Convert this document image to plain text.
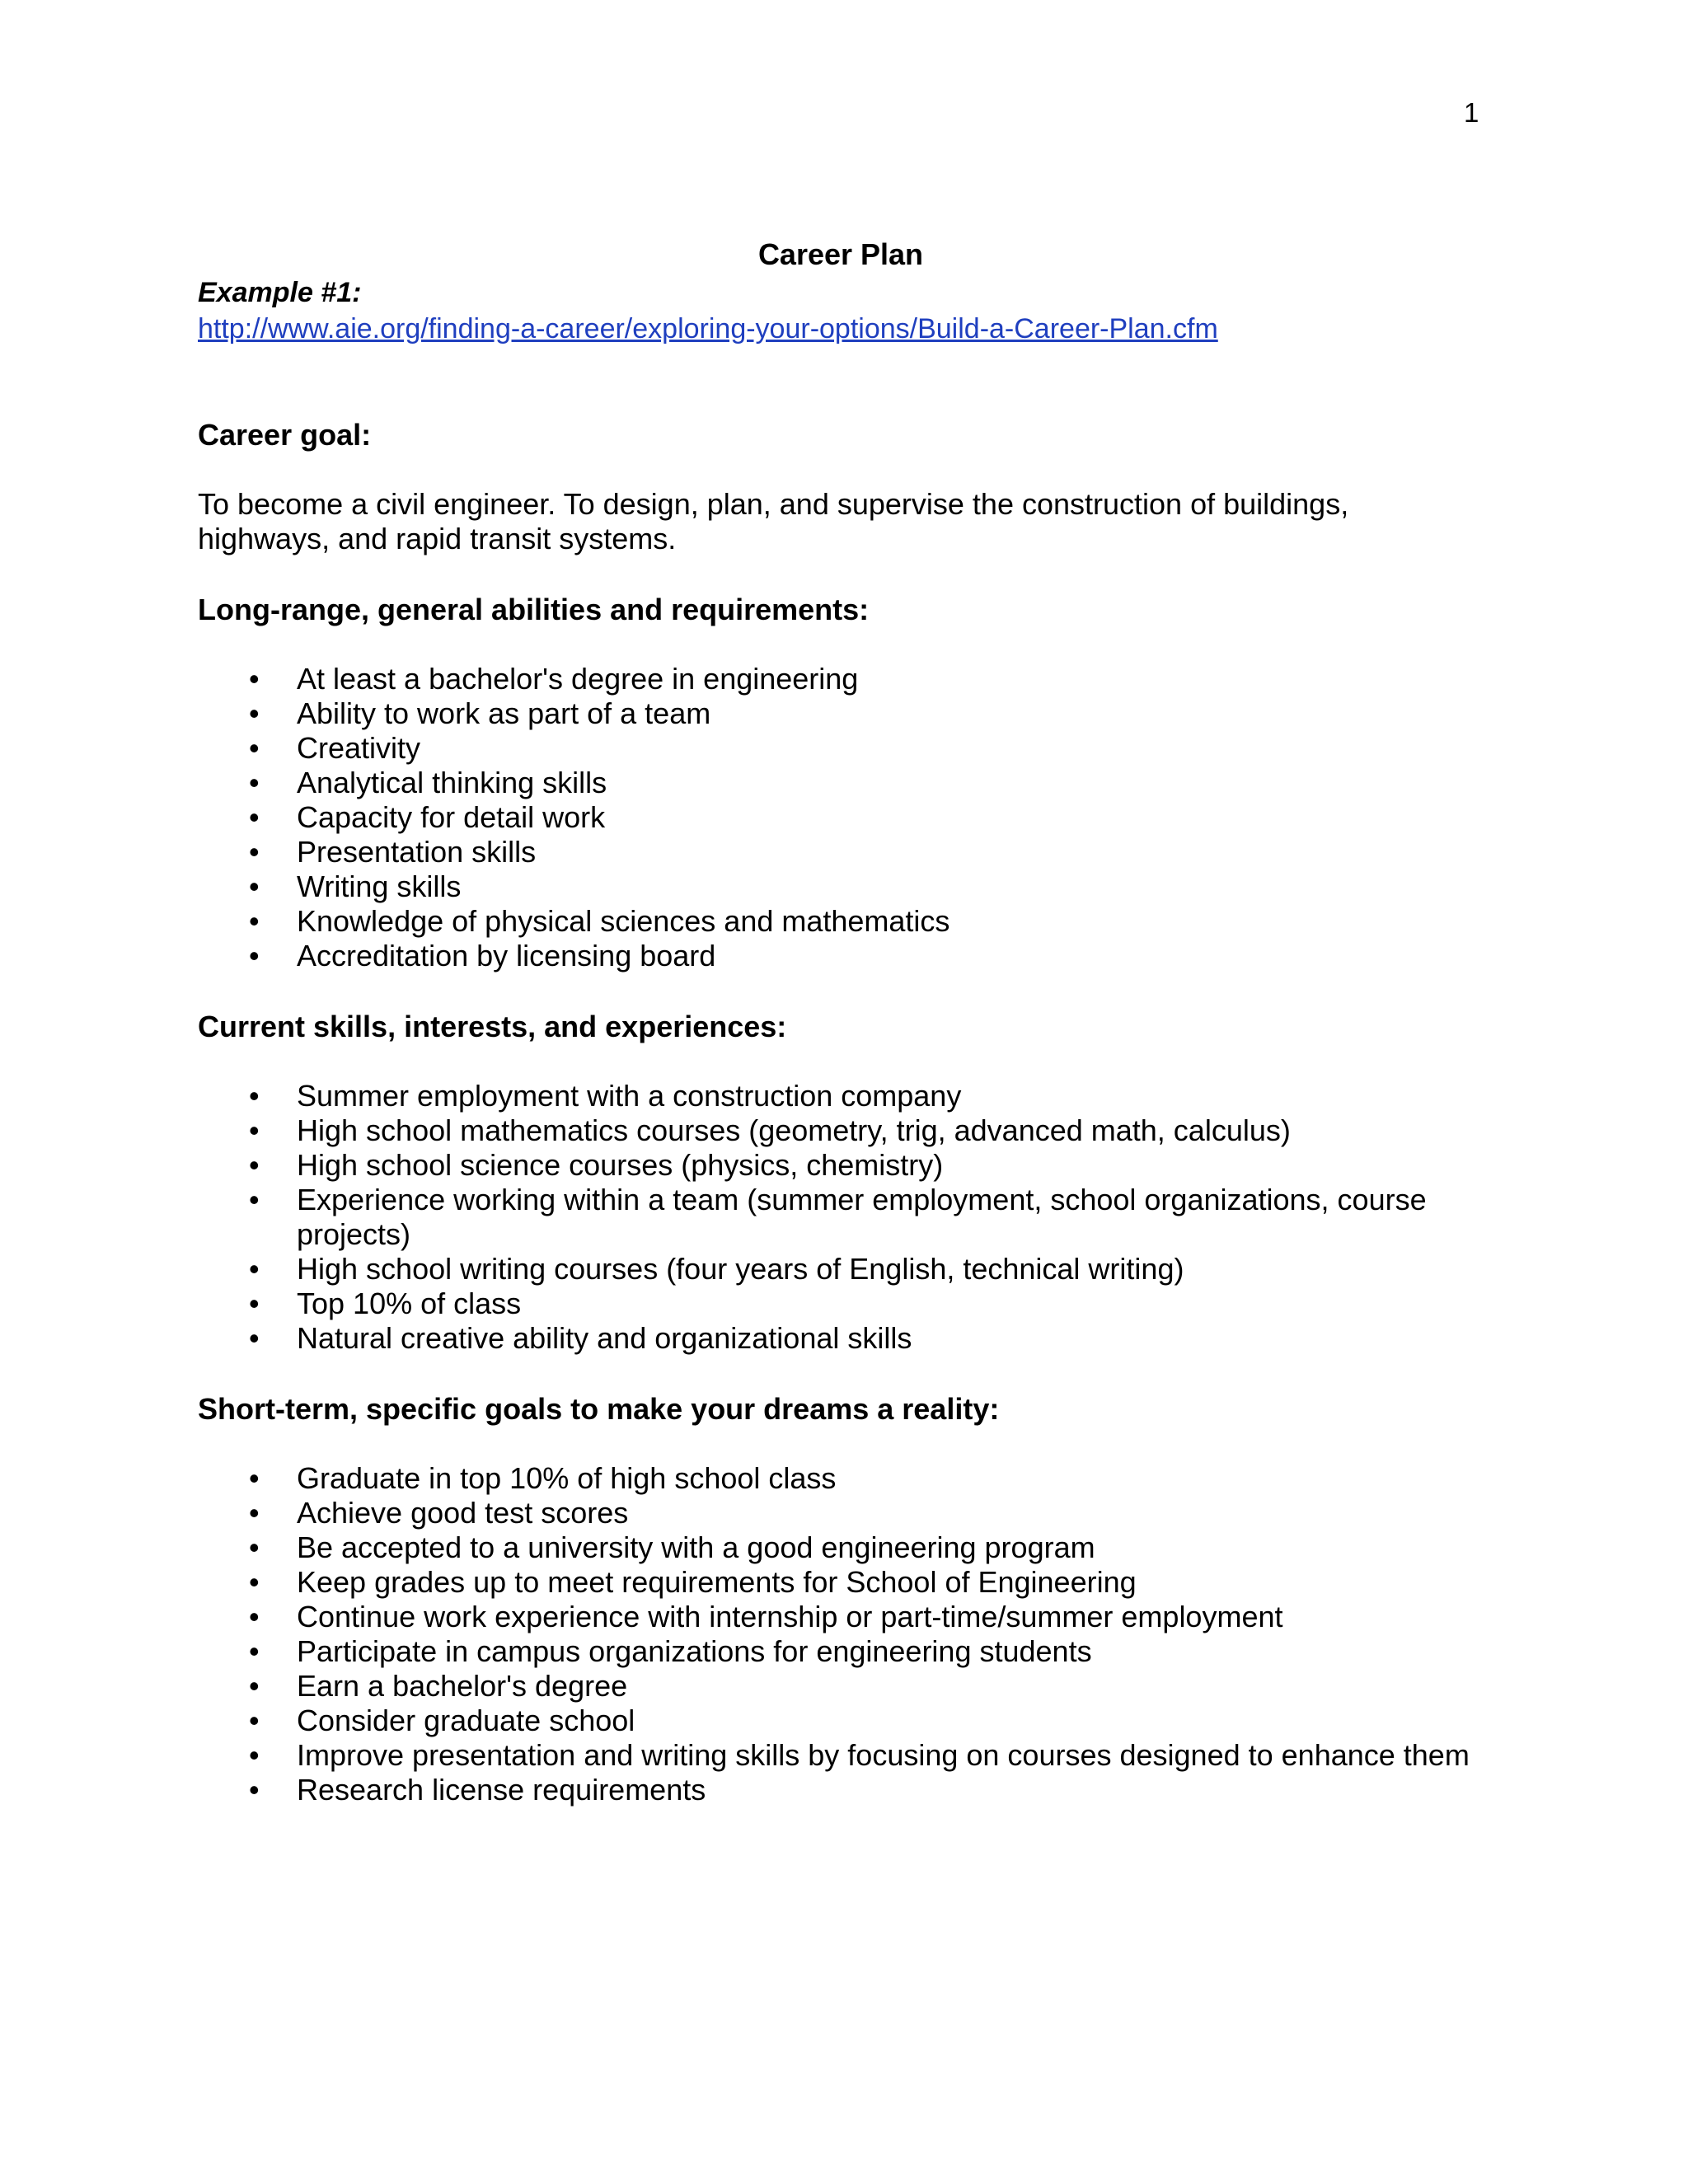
1
Career Plan

Example #1:

http://www.aie.org/finding-a-career/exploring-your-options/Build-a-Career-Plan.cfm

Career goal:

To become a civil engineer. To design, plan, and supervise the construction of buildings, highways, and rapid transit systems.

Long-range, general abilities and requirements:

• At least a bachelor's degree in engineering
• Ability to work as part of a team
• Creativity
• Analytical thinking skills
• Capacity for detail work
• Presentation skills
• Writing skills
• Knowledge of physical sciences and mathematics
• Accreditation by licensing board

Current skills, interests, and experiences:

• Summer employment with a construction company
• High school mathematics courses (geometry, trig, advanced math, calculus)
• High school science courses (physics, chemistry)
• Experience working within a team (summer employment, school organizations, course projects)
• High school writing courses (four years of English, technical writing)
• Top 10% of class
• Natural creative ability and organizational skills

Short-term, specific goals to make your dreams a reality:

• Graduate in top 10% of high school class
• Achieve good test scores
• Be accepted to a university with a good engineering program
• Keep grades up to meet requirements for School of Engineering
• Continue work experience with internship or part-time/summer employment
• Participate in campus organizations for engineering students
• Earn a bachelor's degree
• Consider graduate school
• Improve presentation and writing skills by focusing on courses designed to enhance them
• Research license requirements
